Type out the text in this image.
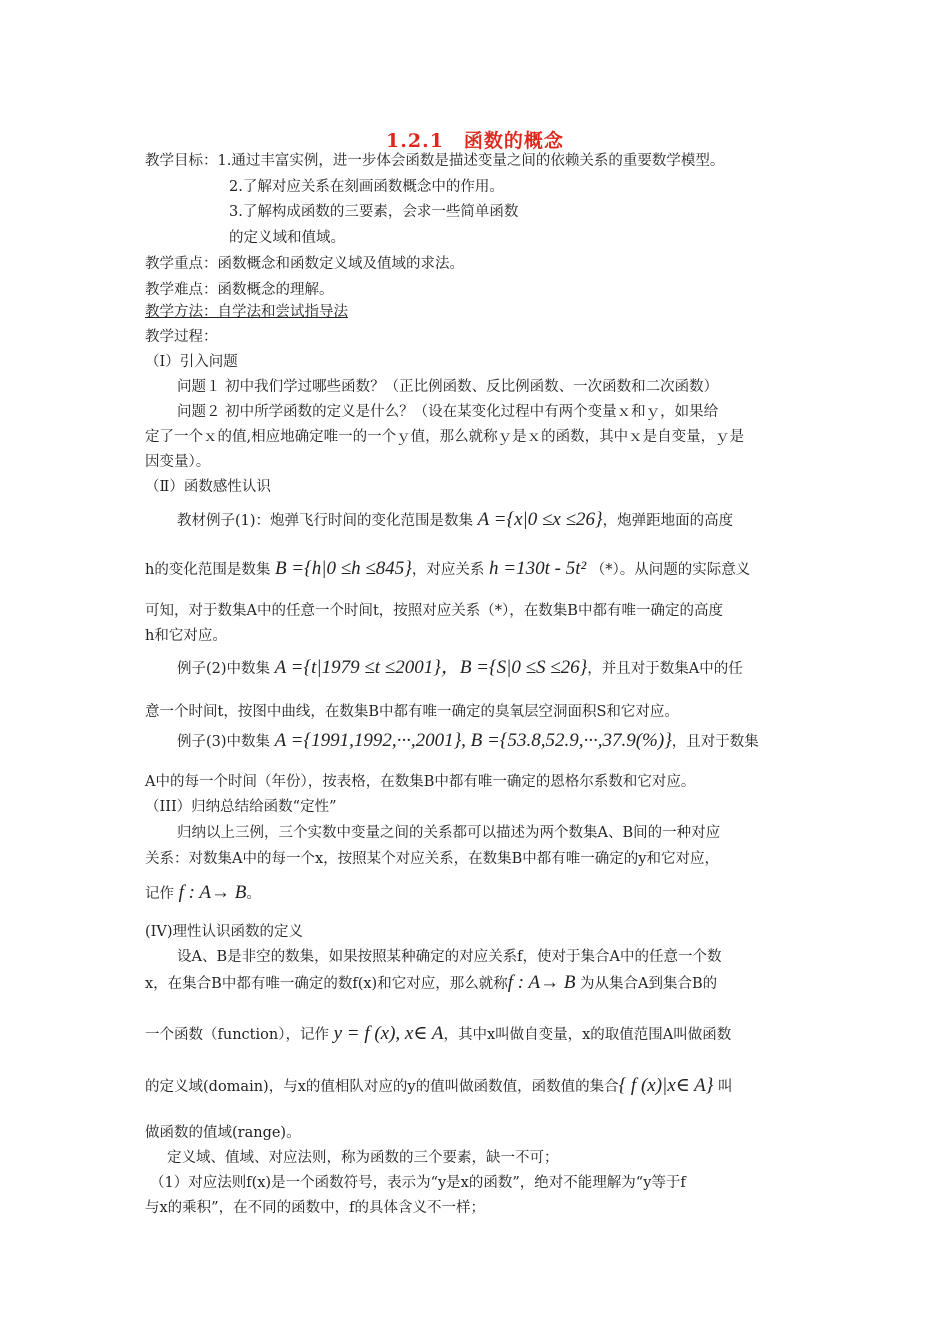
1.2.1　函数的概念
教学目标：1.通过丰富实例，进一步体会函数是描述变量之间的依赖关系的重要数学模型。
2.了解对应关系在刻画函数概念中的作用。
3.了解构成函数的三要素，会求一些简单函数
的定义域和值域。
教学重点：函数概念和函数定义域及值域的求法。
教学难点：函数概念的理解。
教学方法：自学法和尝试指导法
教学过程：
（Ⅰ）引入问题
问题１ 初中我们学过哪些函数？（正比例函数、反比例函数、一次函数和二次函数）
问题２ 初中所学函数的定义是什么？（设在某变化过程中有两个变量ｘ和ｙ，如果给
定了一个ｘ的值,相应地确定唯一的一个ｙ值，那么就称ｙ是ｘ的函数，其中ｘ是自变量，ｙ是
因变量）。
（Ⅱ）函数感性认识
教材例子(1)：炮弹飞行时间的变化范围是数集 A ={x|0 ≤x ≤26}，炮弹距地面的高度
h的变化范围是数集 B ={h|0 ≤h ≤845}，对应关系 h =130t - 5t² （*）。从问题的实际意义
可知，对于数集A中的任意一个时间t，按照对应关系（*），在数集B中都有唯一确定的高度
h和它对应。
例子(2)中数集 A ={t|1979 ≤t ≤2001}，B ={S|0 ≤S ≤26}，并且对于数集A中的任
意一个时间t，按图中曲线，在数集B中都有唯一确定的臭氧层空洞面积S和它对应。
例子(3)中数集 A ={1991,1992,···,2001}, B ={53.8,52.9,···,37.9(%)}，且对于数集
A中的每一个时间（年份），按表格，在数集B中都有唯一确定的恩格尔系数和它对应。
（III）归纳总结给函数“定性”
归纳以上三例，三个实数中变量之间的关系都可以描述为两个数集A、B间的一种对应
关系：对数集A中的每一个x，按照某个对应关系，在数集B中都有唯一确定的y和它对应，
记作 f : A→ B。
(IV)理性认识函数的定义
设A、B是非空的数集，如果按照某种确定的对应关系f，使对于集合A中的任意一个数
x，在集合B中都有唯一确定的数f(x)和它对应，那么就称f : A→ B 为从集合A到集合B的
一个函数（function），记作 y = f (x), x∈ A，其中x叫做自变量，x的取值范围A叫做函数
的定义域(domain)，与x的值相队对应的y的值叫做函数值，函数值的集合{ f (x)|x∈ A} 叫
做函数的值域(range)。
定义域、值域、对应法则，称为函数的三个要素，缺一不可；
（1）对应法则f(x)是一个函数符号，表示为“y是x的函数”，绝对不能理解为“y等于f
与x的乘积”，在不同的函数中，f的具体含义不一样；
